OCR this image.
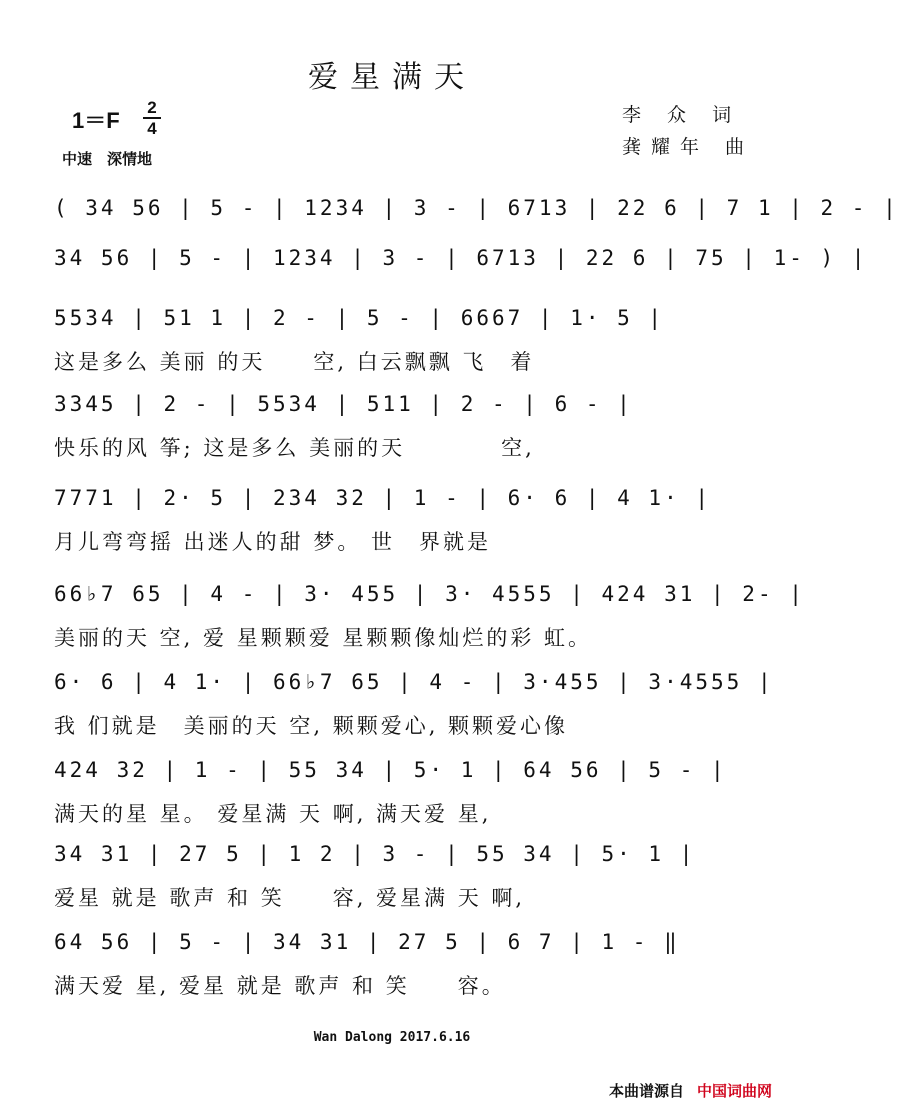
爱星满天
1＝F
2
4
中速　深情地
李 众 词
龚耀年 曲
( 34 56 | 5 - | 1234 | 3 - | 6713 | 22 6 | 7 1 | 2 - |
34 56 | 5 - | 1234 | 3 - | 6713 | 22 6 | 75 | 1- ) |
5534 | 51 1 | 2 - | 5 - | 6667 | 1· 5 |
这是多么 美丽 的天　　空, 白云飘飘 飞　着
3345 | 2 - | 5534 | 511 | 2 - | 6 - |
快乐的风 筝; 这是多么 美丽的天　　　　空,
7771 | 2· 5 | 234 32 | 1 - | 6· 6 | 4 1· |
月儿弯弯摇 出迷人的甜 梦。 世　界就是
66♭7 65 | 4 - | 3· 455 | 3· 4555 | 424 31 | 2- |
美丽的天 空, 爱 星颗颗爱 星颗颗像灿烂的彩 虹。
6· 6 | 4 1· | 66♭7 65 | 4 - | 3·455 | 3·4555 |
我 们就是　美丽的天 空, 颗颗爱心, 颗颗爱心像
424 32 | 1 - | 55 34 | 5· 1 | 64 56 | 5 - |
满天的星 星。 爱星满 天 啊, 满天爱 星,
34 31 | 27 5 | 1 2 | 3 - | 55 34 | 5· 1 |
爱星 就是 歌声 和 笑　　容, 爱星满 天 啊,
64 56 | 5 - | 34 31 | 27 5 | 6 7 | 1 - ‖
满天爱 星, 爱星 就是 歌声 和 笑　　容。
Wan Dalong 2017.6.16
本曲谱源自 中国词曲网
